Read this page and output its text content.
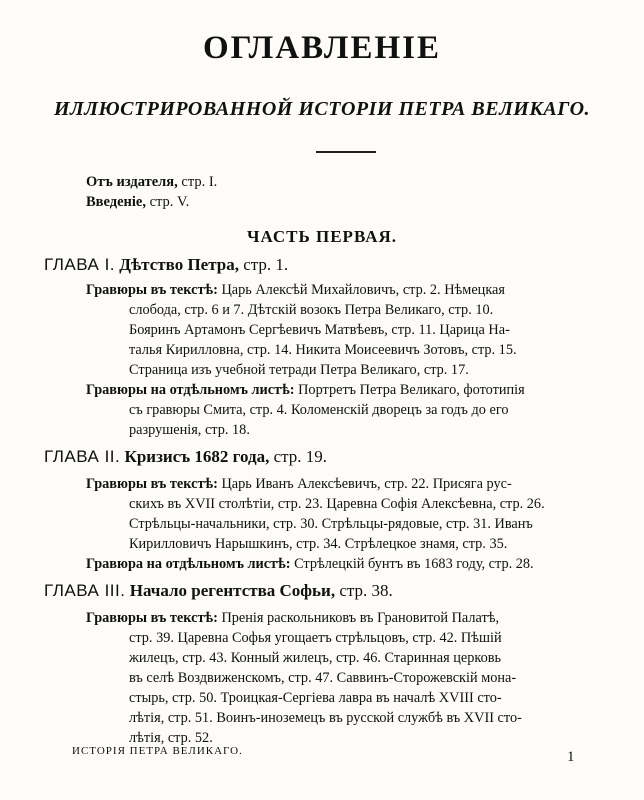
ОГЛАВЛЕНІЕ
ИЛЛЮСТРИРОВАННОЙ ИСТОРІИ ПЕТРА ВЕЛИКАГО.
Отъ издателя, стр. I.
Введеніе, стр. V.
ЧАСТЬ ПЕРВАЯ.
ГЛАВА I. Дѣтство Петра, стр. 1.
Гравюры въ текстѣ: Царь Алексѣй Михайловичъ, стр. 2. Нѣмецкая
слобода, стр. 6 и 7. Дѣтскій возокъ Петра Великаго, стр. 10.
Бояринъ Артамонъ Сергѣевичъ Матвѣевъ, стр. 11. Царица На-
талья Кирилловна, стр. 14. Никита Моисеевичъ Зотовъ, стр. 15.
Страница изъ учебной тетради Петра Великаго, стр. 17.
Гравюры на отдѣльномъ листѣ: Портретъ Петра Великаго, фототипія
съ гравюры Смита, стр. 4. Коломенскій дворецъ за годъ до его
разрушенія, стр. 18.
ГЛАВА II. Кризисъ 1682 года, стр. 19.
Гравюры въ текстѣ: Царь Иванъ Алексѣевичъ, стр. 22. Присяга рус-
скихъ въ XVII столѣтіи, стр. 23. Царевна Софія Алексѣевна, стр. 26.
Стрѣльцы-начальники, стр. 30. Стрѣльцы-рядовые, стр. 31. Иванъ
Кирилловичъ Нарышкинъ, стр. 34. Стрѣлецкое знамя, стр. 35.
Гравюра на отдѣльномъ листѣ: Стрѣлецкій бунтъ въ 1683 году, стр. 28.
ГЛАВА III. Начало регентства Софьи, стр. 38.
Гравюры въ текстѣ: Пренія раскольниковъ въ Грановитой Палатѣ,
стр. 39. Царевна Софья угощаетъ стрѣльцовъ, стр. 42. Пѣшій
жилецъ, стр. 43. Конный жилецъ, стр. 46. Старинная церковь
въ селѣ Воздвиженскомъ, стр. 47. Саввинъ-Сторожевскій мона-
стырь, стр. 50. Троицкая-Сергіева лавра въ началѣ XVIII сто-
лѣтія, стр. 51. Воинъ-иноземецъ въ русской службѣ въ XVII сто-
лѣтія, стр. 52.
ИСТОРІЯ ПЕТРА ВЕЛИКАГО.	1
